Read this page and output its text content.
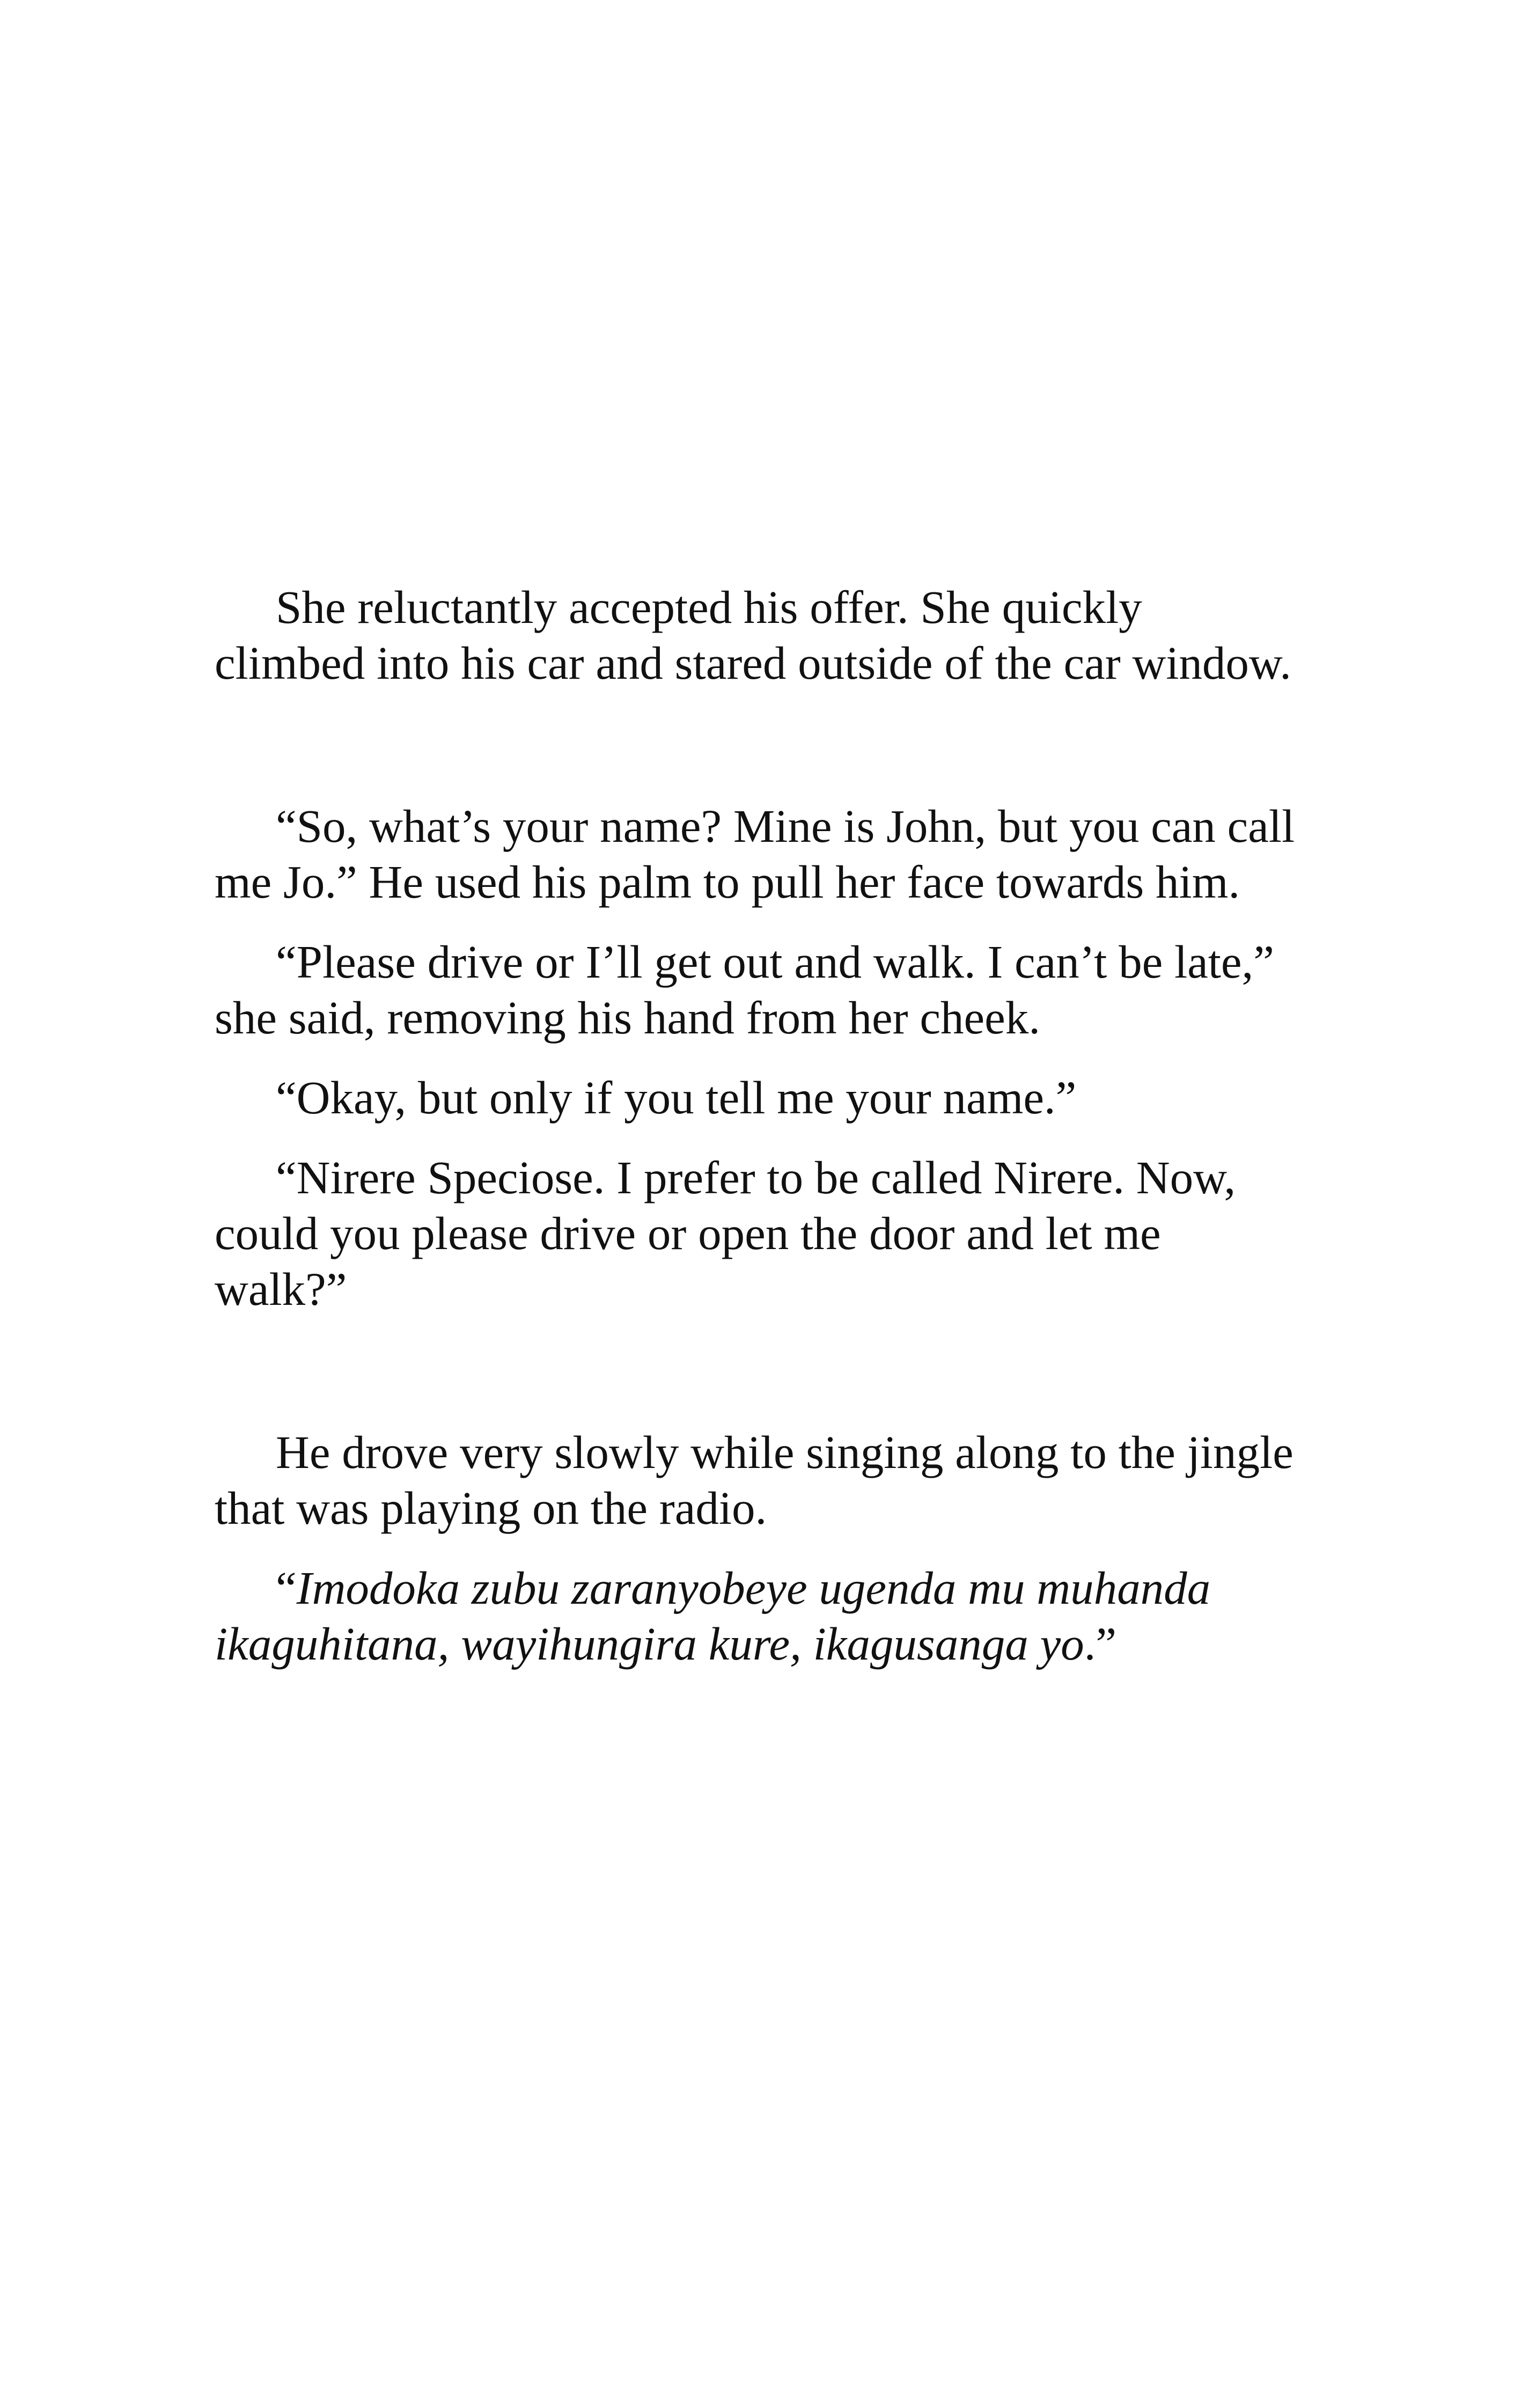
She reluctantly accepted his offer. She quickly climbed into his car and stared outside of the car window.

“So, what’s your name? Mine is John, but you can call me Jo.” He used his palm to pull her face towards him.

“Please drive or I’ll get out and walk. I can’t be late,” she said, removing his hand from her cheek.

“Okay, but only if you tell me your name.”

“Nirere Speciose. I prefer to be called Nirere. Now, could you please drive or open the door and let me walk?”

He drove very slowly while singing along to the jingle that was playing on the radio.

“Imodoka zubu zaranyobeye ugenda mu muhanda ikaguhitana, wayihungira kure, ikagusanga yo.”
